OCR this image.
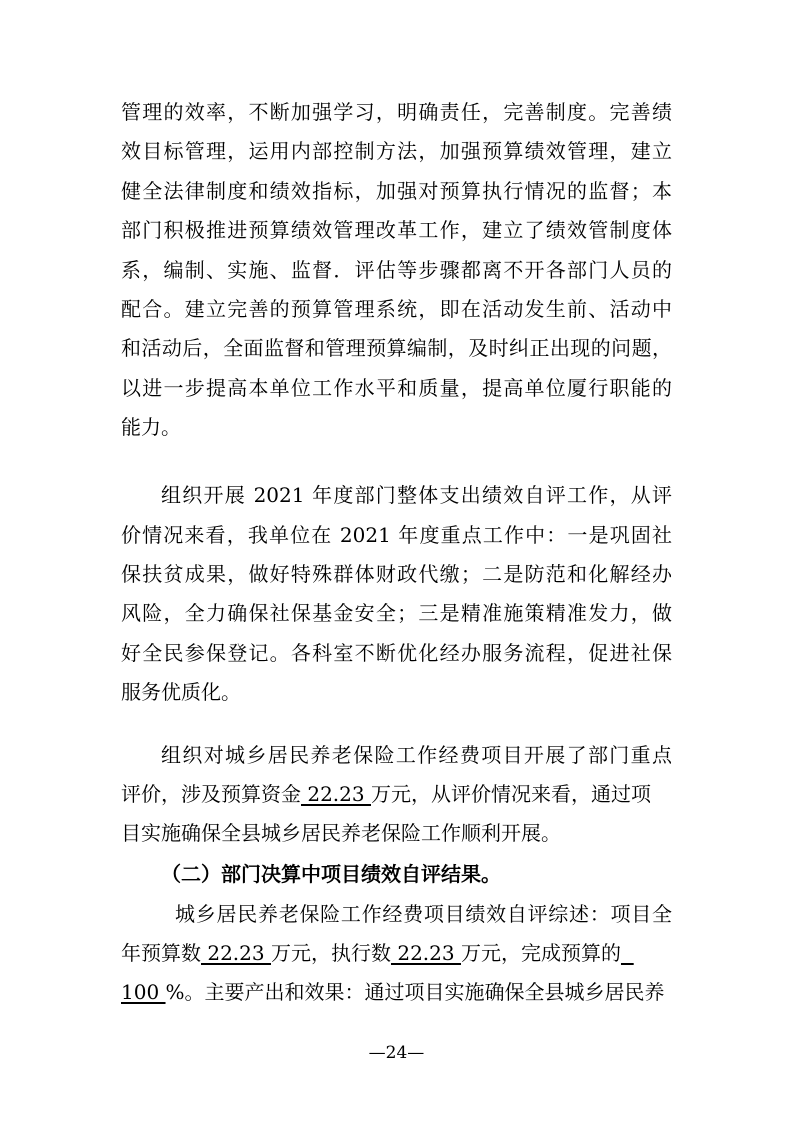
管理的效率，不断加强学习，明确责任，完善制度。完善绩
效目标管理，运用内部控制方法，加强预算绩效管理，建立
健全法律制度和绩效指标，加强对预算执行情况的监督；本
部门积极推进预算绩效管理改革工作，建立了绩效管制度体
系，编制、实施、监督．评估等步骤都离不开各部门人员的
配合。建立完善的预算管理系统，即在活动发生前、活动中
和活动后，全面监督和管理预算编制，及时纠正出现的问题，
以进一步提高本单位工作水平和质量，提高单位厦行职能的
能力。
组织开展 2021 年度部门整体支出绩效自评工作，从评
价情况来看，我单位在 2021 年度重点工作中：一是巩固社
保扶贫成果，做好特殊群体财政代缴；二是防范和化解经办
风险，全力确保社保基金安全；三是精准施策精准发力，做
好全民参保登记。各科室不断优化经办服务流程，促进社保
服务优质化。
组织对城乡居民养老保险工作经费项目开展了部门重点
评价，涉及预算资金 22.23 万元，从评价情况来看，通过项
目实施确保全县城乡居民养老保险工作顺利开展。
（二）部门决算中项目绩效自评结果。
城乡居民养老保险工作经费项目绩效自评综述：项目全
年预算数 22.23 万元，执行数 22.23 万元，完成预算的
100 %。主要产出和效果：通过项目实施确保全县城乡居民养
—24—
